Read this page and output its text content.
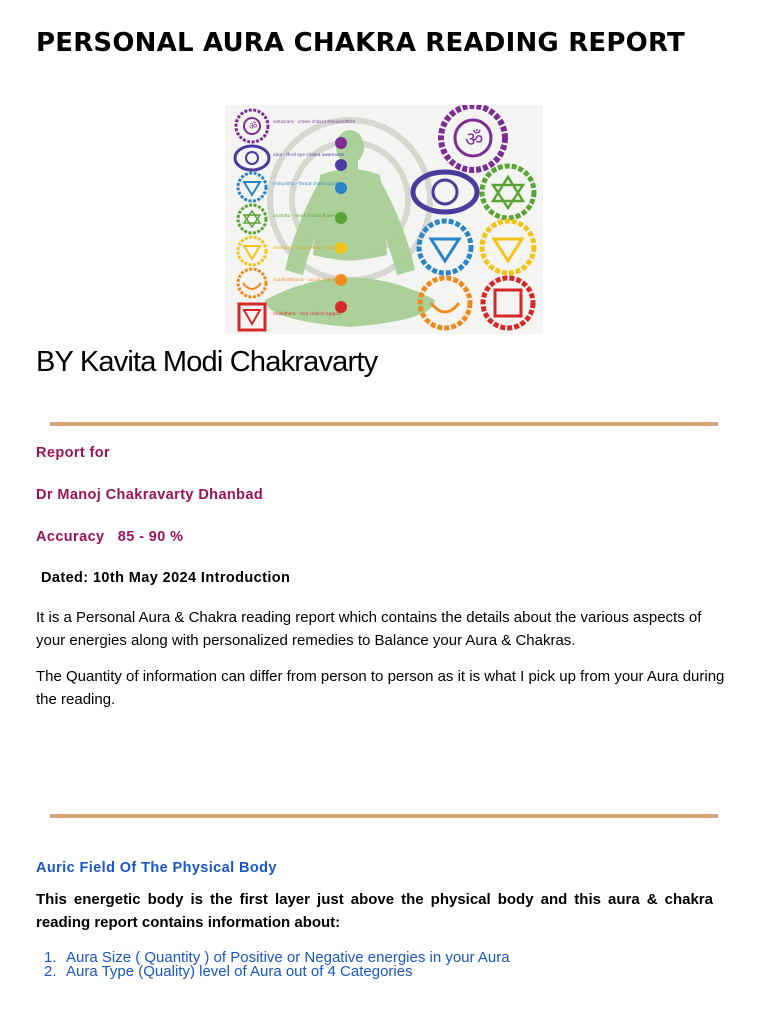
PERSONAL AURA CHAKRA READING REPORT
ॐ
sahasrara - crown chakra thousandfold
ajna - third eye chakra awareness
vishuddha - throat chakra purity
anahata - heart chakra flawless
manipura - solar plexus chakra
svadhishthana - sacral chakra
muladhara - root chakra support
ॐ
BY Kavita Modi Chakravarty
Report for
Dr Manoj Chakravarty Dhanbad
Accuracy   85 - 90 %
Dated: 10th May 2024 Introduction
It is a Personal Aura & Chakra reading report which contains the details about the various aspects of your energies along with personalized remedies to Balance your Aura & Chakras.
The Quantity of information can differ from person to person as it is what I pick up from your Aura during the reading.
Auric Field Of The Physical Body
This energetic body is the first layer just above the physical body and this aura & chakra reading report contains information about:
1. Aura Size ( Quantity ) of Positive or Negative energies in your Aura
2. Aura Type (Quality) level of Aura out of 4 Categories
